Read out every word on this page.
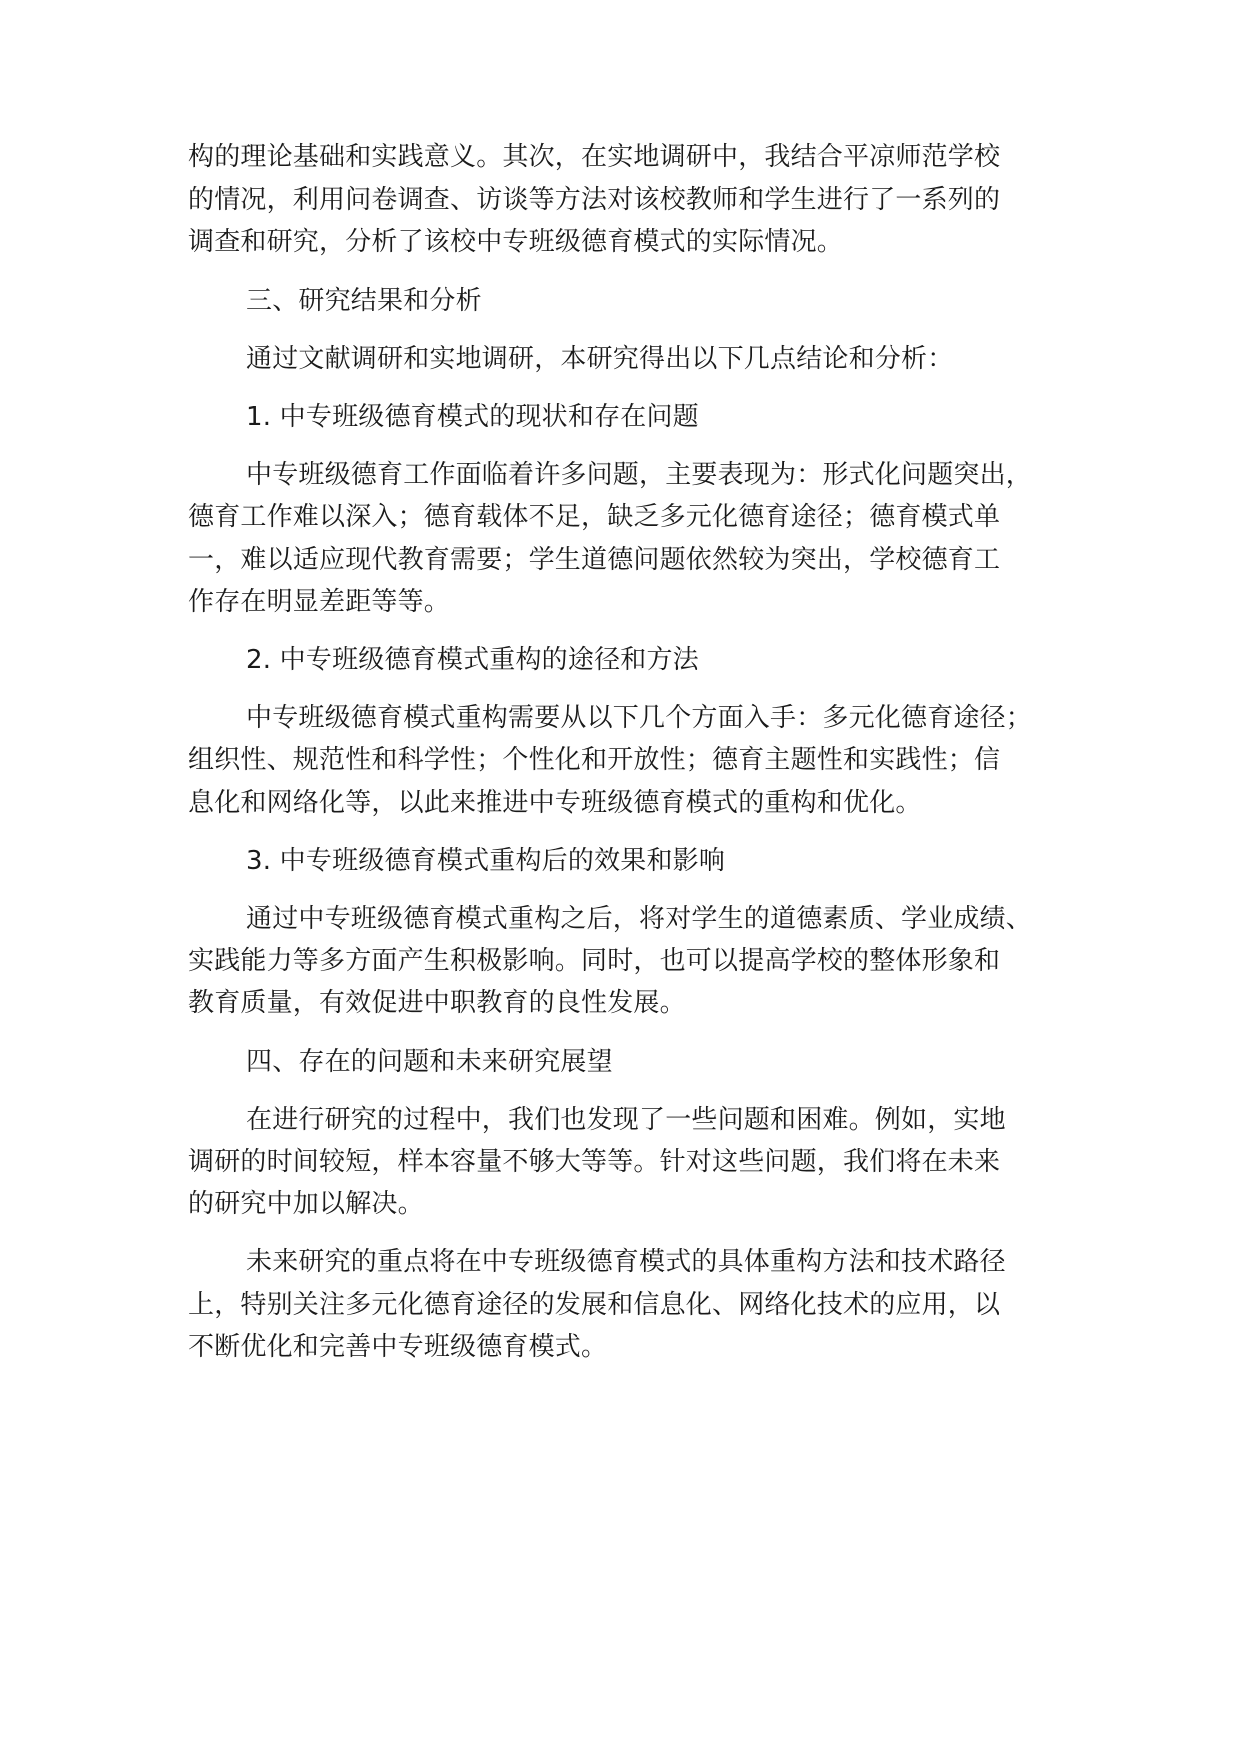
构的理论基础和实践意义。其次，在实地调研中，我结合平凉师范学校
的情况，利用问卷调查、访谈等方法对该校教师和学生进行了一系列的
调查和研究，分析了该校中专班级德育模式的实际情况。
三、研究结果和分析
通过文献调研和实地调研，本研究得出以下几点结论和分析：
1. 中专班级德育模式的现状和存在问题
中专班级德育工作面临着许多问题，主要表现为：形式化问题突出，
德育工作难以深入；德育载体不足，缺乏多元化德育途径；德育模式单
一，难以适应现代教育需要；学生道德问题依然较为突出，学校德育工
作存在明显差距等等。
2. 中专班级德育模式重构的途径和方法
中专班级德育模式重构需要从以下几个方面入手：多元化德育途径；
组织性、规范性和科学性；个性化和开放性；德育主题性和实践性；信
息化和网络化等，以此来推进中专班级德育模式的重构和优化。
3. 中专班级德育模式重构后的效果和影响
通过中专班级德育模式重构之后，将对学生的道德素质、学业成绩、
实践能力等多方面产生积极影响。同时，也可以提高学校的整体形象和
教育质量，有效促进中职教育的良性发展。
四、存在的问题和未来研究展望
在进行研究的过程中，我们也发现了一些问题和困难。例如，实地
调研的时间较短，样本容量不够大等等。针对这些问题，我们将在未来
的研究中加以解决。
未来研究的重点将在中专班级德育模式的具体重构方法和技术路径
上，特别关注多元化德育途径的发展和信息化、网络化技术的应用，以
不断优化和完善中专班级德育模式。
